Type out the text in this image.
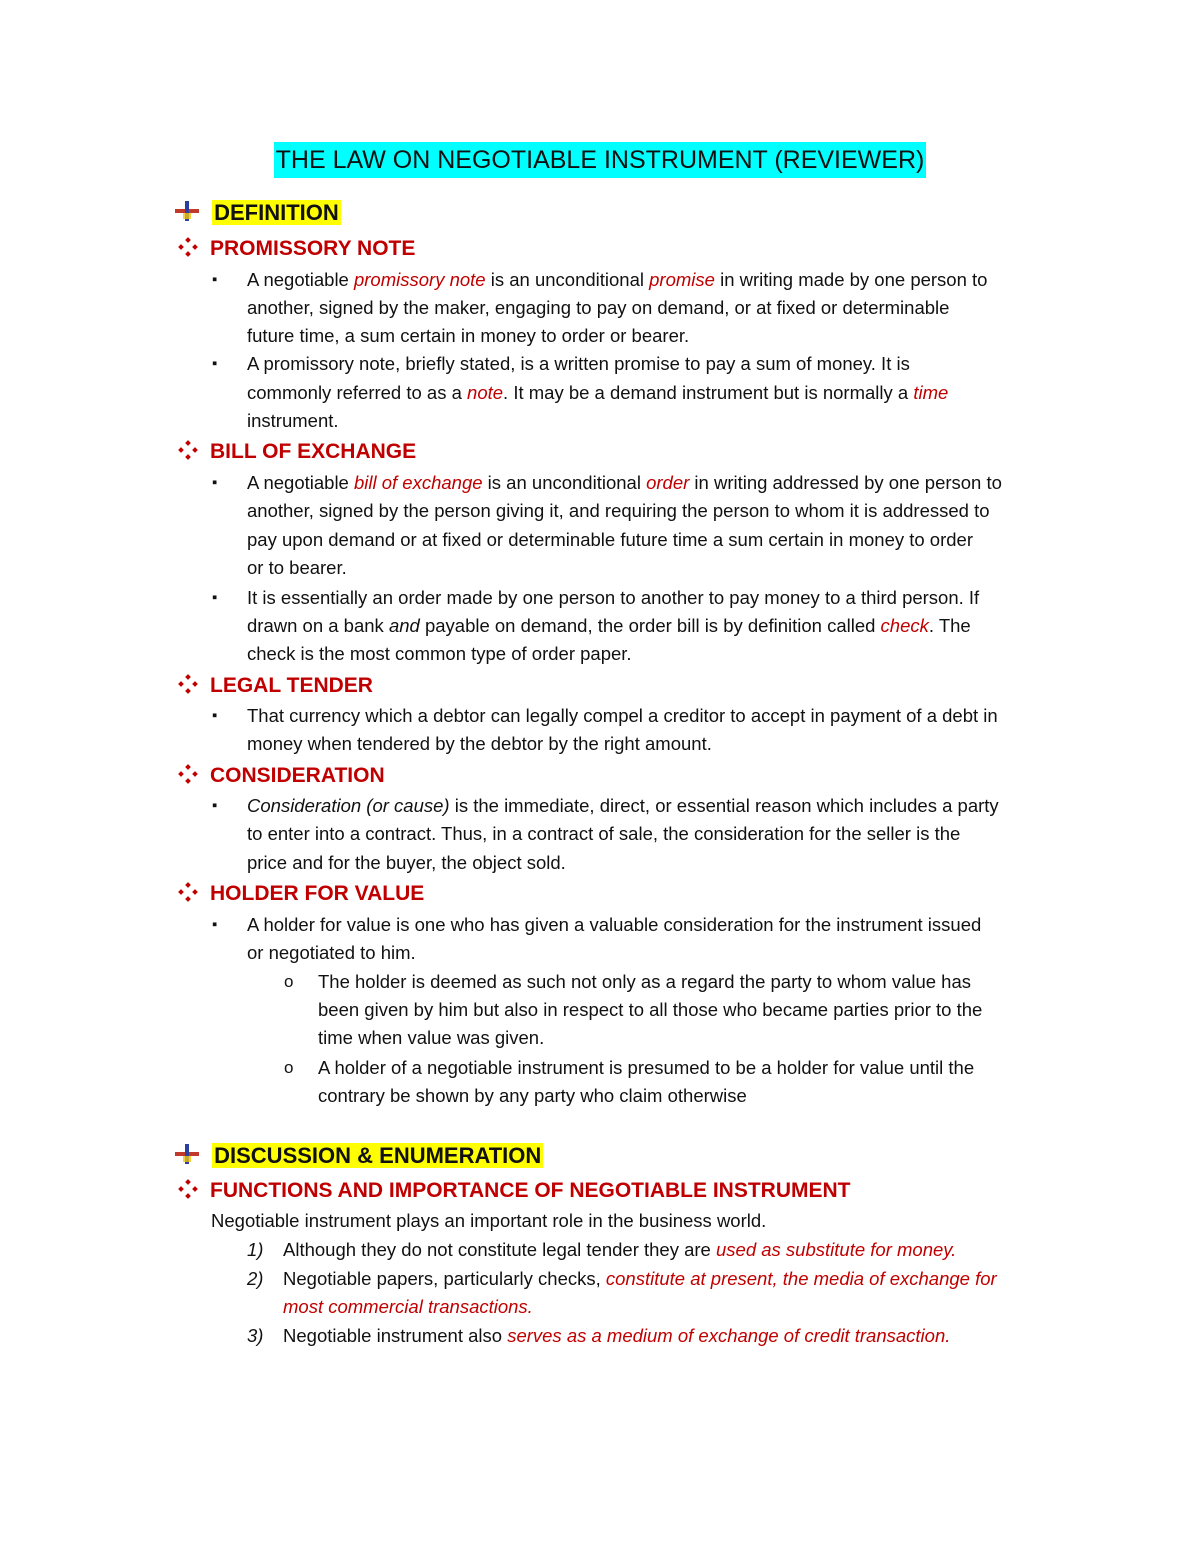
THE LAW ON NEGOTIABLE INSTRUMENT (REVIEWER)
DEFINITION
PROMISSORY NOTE
▪ A negotiable promissory note is an unconditional promise in writing made by one person to
another, signed by the maker, engaging to pay on demand, or at fixed or determinable
future time, a sum certain in money to order or bearer.
▪ A promissory note, briefly stated, is a written promise to pay a sum of money. It is
commonly referred to as a note. It may be a demand instrument but is normally a time
instrument.
BILL OF EXCHANGE
▪ A negotiable bill of exchange is an unconditional order in writing addressed by one person to
another, signed by the person giving it, and requiring the person to whom it is addressed to
pay upon demand or at fixed or determinable future time a sum certain in money to order
or to bearer.
▪ It is essentially an order made by one person to another to pay money to a third person. If
drawn on a bank and payable on demand, the order bill is by definition called check. The
check is the most common type of order paper.
LEGAL TENDER
▪ That currency which a debtor can legally compel a creditor to accept in payment of a debt in
money when tendered by the debtor by the right amount.
CONSIDERATION
▪ Consideration (or cause) is the immediate, direct, or essential reason which includes a party
to enter into a contract. Thus, in a contract of sale, the consideration for the seller is the
price and for the buyer, the object sold.
HOLDER FOR VALUE
▪ A holder for value is one who has given a valuable consideration for the instrument issued
or negotiated to him.
o The holder is deemed as such not only as a regard the party to whom value has
been given by him but also in respect to all those who became parties prior to the
time when value was given.
o A holder of a negotiable instrument is presumed to be a holder for value until the
contrary be shown by any party who claim otherwise
DISCUSSION & ENUMERATION
FUNCTIONS AND IMPORTANCE OF NEGOTIABLE INSTRUMENT
Negotiable instrument plays an important role in the business world.
1) Although they do not constitute legal tender they are used as substitute for money.
2) Negotiable papers, particularly checks, constitute at present, the media of exchange for
most commercial transactions.
3) Negotiable instrument also serves as a medium of exchange of credit transaction.
